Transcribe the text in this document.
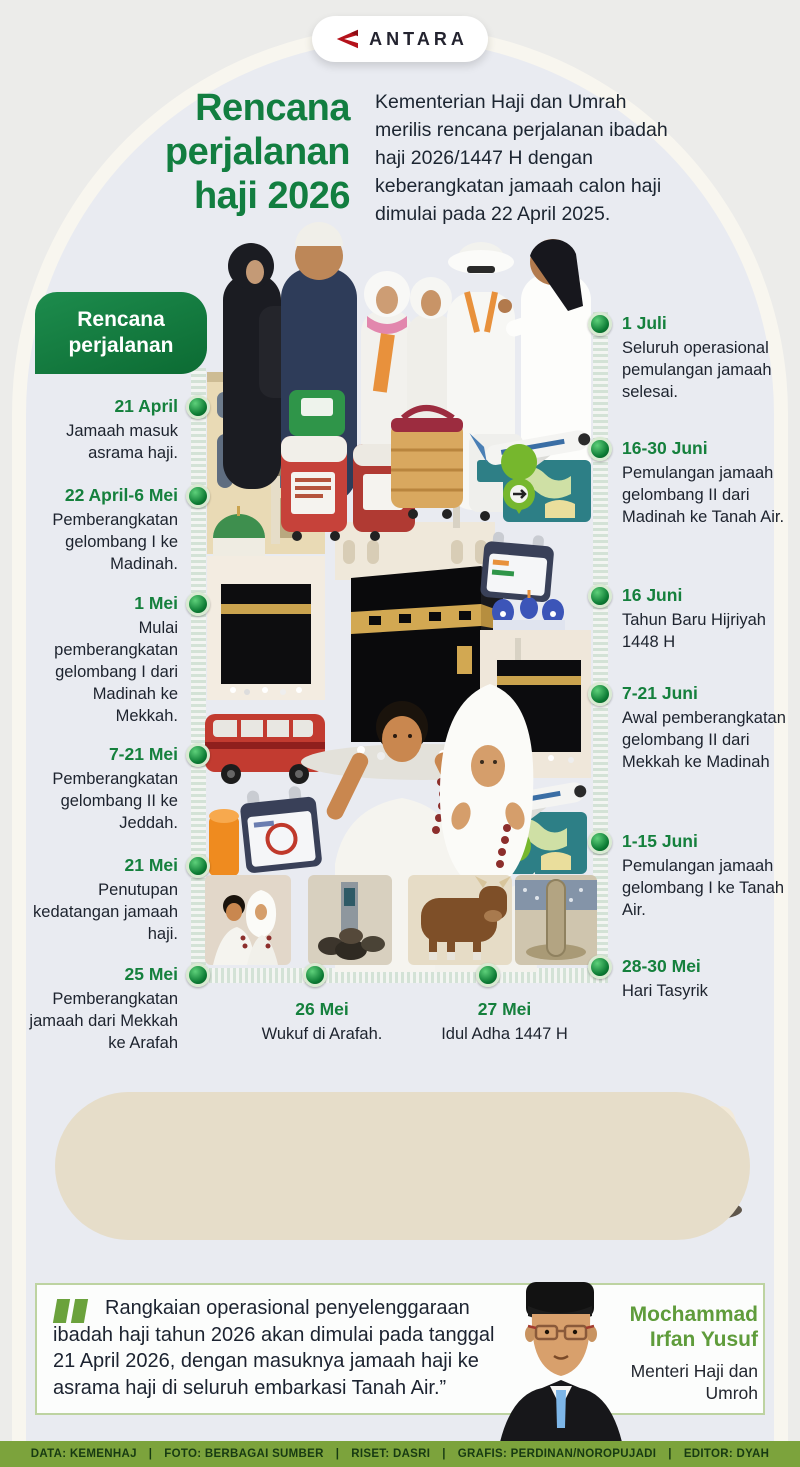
ANTARA
Rencana perjalanan haji 2026
Kementerian Haji dan Umrah merilis rencana perjalanan ibadah haji 2026/1447 H dengan keberangkatan jamaah calon haji dimulai pada 22 April 2025.
Rencana perjalanan
21 April
Jamaah masuk asrama haji.
22 April-6 Mei
Pemberangkatan gelombang I ke Madinah.
1 Mei
Mulai pemberangkatan gelombang I dari Madinah ke Mekkah.
7-21 Mei
Pemberangkatan gelombang II ke Jeddah.
21 Mei
Penutupan kedatangan jamaah haji.
25 Mei
Pemberangkatan jamaah dari Mekkah ke Arafah
1 Juli
Seluruh operasional pemulangan jamaah selesai.
16-30 Juni
Pemulangan jamaah gelombang II dari Madinah ke Tanah Air.
16 Juni
Tahun Baru Hijriyah 1448 H
7-21 Juni
Awal pemberangkatan gelombang II dari Mekkah ke Madinah
1-15 Juni
Pemulangan jamaah gelombang I ke Tanah Air.
28-30 Mei
Hari Tasyrik
26 Mei
Wukuf di Arafah.
27 Mei
Idul Adha 1447 H
Rangkaian operasional penyelenggaraan ibadah haji tahun 2026 akan dimulai pada tanggal 21 April 2026, dengan masuknya jamaah haji ke asrama haji di seluruh embarkasi Tanah Air.”
Mochammad Irfan Yusuf
Menteri Haji dan Umroh
DATA: KEMENHAJ | FOTO: BERBAGAI SUMBER | RISET: DASRI | GRAFIS: PERDINAN/NOROPUJADI | EDITOR: DYAH
